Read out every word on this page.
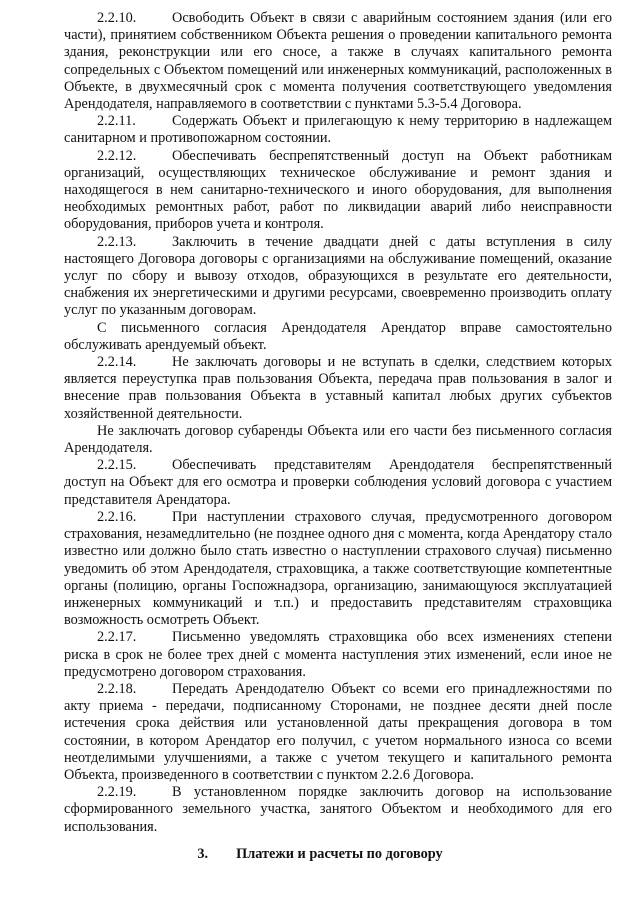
2.2.10. Освободить Объект в связи с аварийным состоянием здания (или его части), принятием собственником Объекта решения о проведении капитального ремонта здания, реконструкции или его сносе, а также в случаях капитального ремонта сопредельных с Объектом помещений или инженерных коммуникаций, расположенных в Объекте, в двухмесячный срок с момента получения соответствующего уведомления Арендодателя, направляемого в соответствии с пунктами 5.3-5.4 Договора.

2.2.11.	Содержать Объект и прилегающую к нему территорию в надлежащем санитарном и противопожарном состоянии.

2.2.12. Обеспечивать беспрепятственный доступ на Объект работникам организаций, осуществляющих техническое обслуживание и ремонт здания и находящегося в нем санитарно-технического и иного оборудования, для выполнения необходимых ремонтных работ, работ по ликвидации аварий либо неисправности оборудования, приборов учета и контроля.

2.2.13. Заключить в течение двадцати дней с даты вступления в силу настоящего Договора договоры с организациями на обслуживание помещений, оказание услуг по сбору и вывозу отходов, образующихся в результате его деятельности, снабжения их энергетическими и другими ресурсами, своевременно производить оплату услуг по указанным договорам.

С письменного согласия Арендодателя Арендатор вправе самостоятельно обслуживать арендуемый объект.

2.2.14. Не заключать договоры и не вступать в сделки, следствием которых является переуступка прав пользования Объекта, передача прав пользования в залог и внесение прав пользования Объекта в уставный капитал любых других субъектов хозяйственной деятельности.

Не заключать договор субаренды Объекта или его части без письменного согласия Арендодателя.

2.2.15. Обеспечивать представителям Арендодателя беспрепятственный доступ на Объект для его осмотра и проверки соблюдения условий договора с участием представителя Арендатора.

2.2.16. При наступлении страхового случая, предусмотренного договором страхования, незамедлительно (не позднее одного дня с момента, когда Арендатору стало известно или должно было стать известно о наступлении страхового случая) письменно уведомить об этом Арендодателя, страховщика, а также соответствующие компетентные органы (полицию, органы Госпожнадзора, организацию, занимающуюся эксплуатацией инженерных коммуникаций и т.п.) и предоставить представителям страховщика возможность осмотреть Объект.

2.2.17. Письменно уведомлять страховщика обо всех изменениях степени риска в срок не более трех дней с момента наступления этих изменений, если иное не предусмотрено договором страхования.

2.2.18. Передать Арендодателю Объект со всеми его принадлежностями по акту приема - передачи, подписанному Сторонами, не позднее десяти дней после истечения срока действия или установленной даты прекращения договора в том состоянии, в котором Арендатор его получил, с учетом нормального износа со всеми неотделимыми улучшениями, а также с учетом текущего и капитального ремонта Объекта, произведенного в соответствии с пунктом 2.2.6 Договора.

2.2.19. В установленном порядке заключить договор на использование сформированного земельного участка, занятого Объектом и необходимого для его использования.

3. Платежи и расчеты по договору
